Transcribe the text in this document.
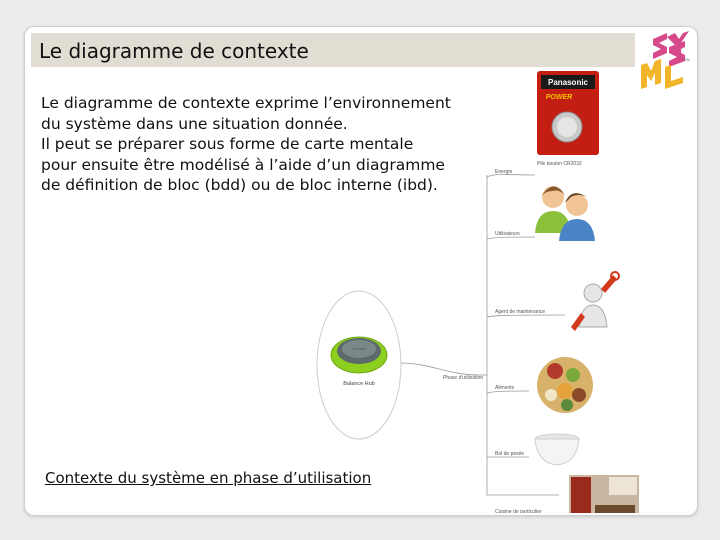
Le diagramme de contexte
SysML
TM
Le diagramme de contexte exprime l’environnement du système dans une situation donnée.
Il peut se préparer sous forme de carte mentale pour ensuite être modélisé à l’aide d’un diagramme de définition de bloc (bdd) ou de bloc interne (ibd).
ecohub
Balance Hub
Phase d'utilisation
Energie
Utilisateurs
Agent de maintenance
Aliments
Bol de pesée
Cuisine de particulier
Panasonic
POWER
Pile bouton CR2032
Contexte du système en phase d’utilisation
